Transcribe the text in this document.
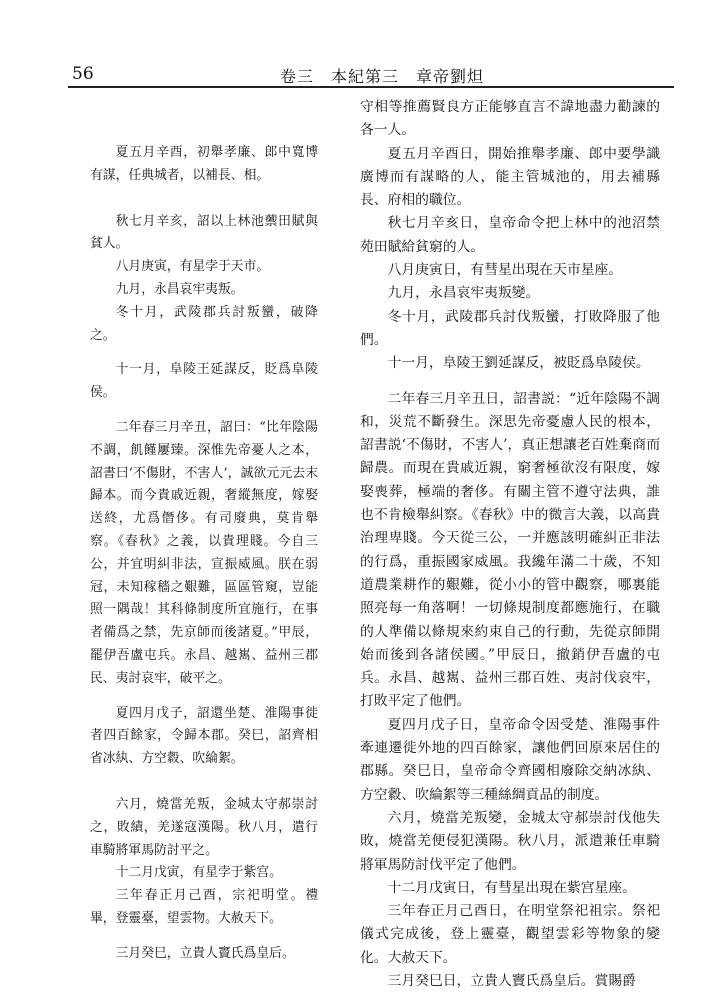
56	卷三　本紀第三　章帝劉炟

夏五月辛酉，初舉孝廉、郎中寬博有謀，任典城者，以補長、相。

秋七月辛亥，詔以上林池蘌田賦與貧人。

八月庚寅，有星孛于天市。

九月，永昌哀牢夷叛。

冬十月，武陵郡兵討叛蠻，破降之。

十一月，阜陵王延謀反，貶爲阜陵侯。

二年春三月辛丑，詔曰：“比年陰陽不調，飢饉屢臻。深惟先帝憂人之本，詔書曰‘不傷財，不害人’，誠欲元元去末歸本。而今貴戚近親，奢縱無度，嫁娶送終，尤爲僭侈。有司廢典，莫肯舉察。《春秋》之義，以貴理賤。今自三公，并宜明糾非法，宣振威風。朕在弱冠，未知稼穡之艱難，區區管窺，豈能照一隅哉！其科條制度所宜施行，在事者備爲之禁，先京師而後諸夏。”甲辰，罷伊吾盧屯兵。永昌、越嶲、益州三郡民、夷討哀牢，破平之。

夏四月戊子，詔還坐楚、淮陽事徙者四百餘家，令歸本郡。癸巳，詔齊相省冰紈、方空縠、吹綸絮。

六月，燒當羌叛，金城太守郝崇討之，敗績，羌遂寇漢陽。秋八月，遣行車騎將軍馬防討平之。

十二月戊寅，有星孛于紫宫。

三年春正月己酉，宗祀明堂。禮畢，登靈臺，望雲物。大赦天下。

三月癸巳，立貴人竇氏爲皇后。

守相等推薦賢良方正能够直言不諱地盡力勸諫的各一人。

夏五月辛酉日，開始推舉孝廉、郎中要學識廣博而有謀略的人，能主管城池的，用去補縣長、府相的職位。

秋七月辛亥日，皇帝命令把上林中的池沼禁苑田賦給貧窮的人。

八月庚寅日，有彗星出現在天市星座。

九月，永昌哀牢夷叛變。

冬十月，武陵郡兵討伐叛蠻，打敗降服了他們。

十一月，阜陵王劉延謀反，被貶爲阜陵侯。

二年春三月辛丑日，詔書説：“近年陰陽不調和，災荒不斷發生。深思先帝憂慮人民的根本，詔書説‘不傷財，不害人’，真正想讓老百姓棄商而歸農。而現在貴戚近親，窮奢極欲沒有限度，嫁娶喪葬，極端的奢侈。有關主管不遵守法典，誰也不肯檢舉糾察。《春秋》中的微言大義，以高貴治理卑賤。今天從三公，一并應該明確糾正非法的行爲，重振國家威風。我纔年滿二十歲，不知道農業耕作的艱難，從小小的管中觀察，哪裏能照亮每一角落啊！一切條規制度都應施行，在職的人準備以條規來約束自己的行動，先從京師開始而後到各諸侯國。”甲辰日，撤銷伊吾盧的屯兵。永昌、越嶲、益州三郡百姓、夷討伐哀牢，打敗平定了他們。

夏四月戊子日，皇帝命令因受楚、淮陽事件牽連遷徙外地的四百餘家，讓他們回原來居住的郡縣。癸巳日，皇帝命令齊國相廢除交納冰紈、方空縠、吹綸絮等三種絲綢貢品的制度。

六月，燒當羌叛變，金城太守郝崇討伐他失敗，燒當羌便侵犯漢陽。秋八月，派遣兼任車騎將軍馬防討伐平定了他們。

十二月戊寅日，有彗星出現在紫宫星座。

三年春正月己酉日，在明堂祭祀祖宗。祭祀儀式完成後，登上靈臺，觀望雲彩等物象的變化。大赦天下。

三月癸巳日，立貴人竇氏爲皇后。賞賜爵
